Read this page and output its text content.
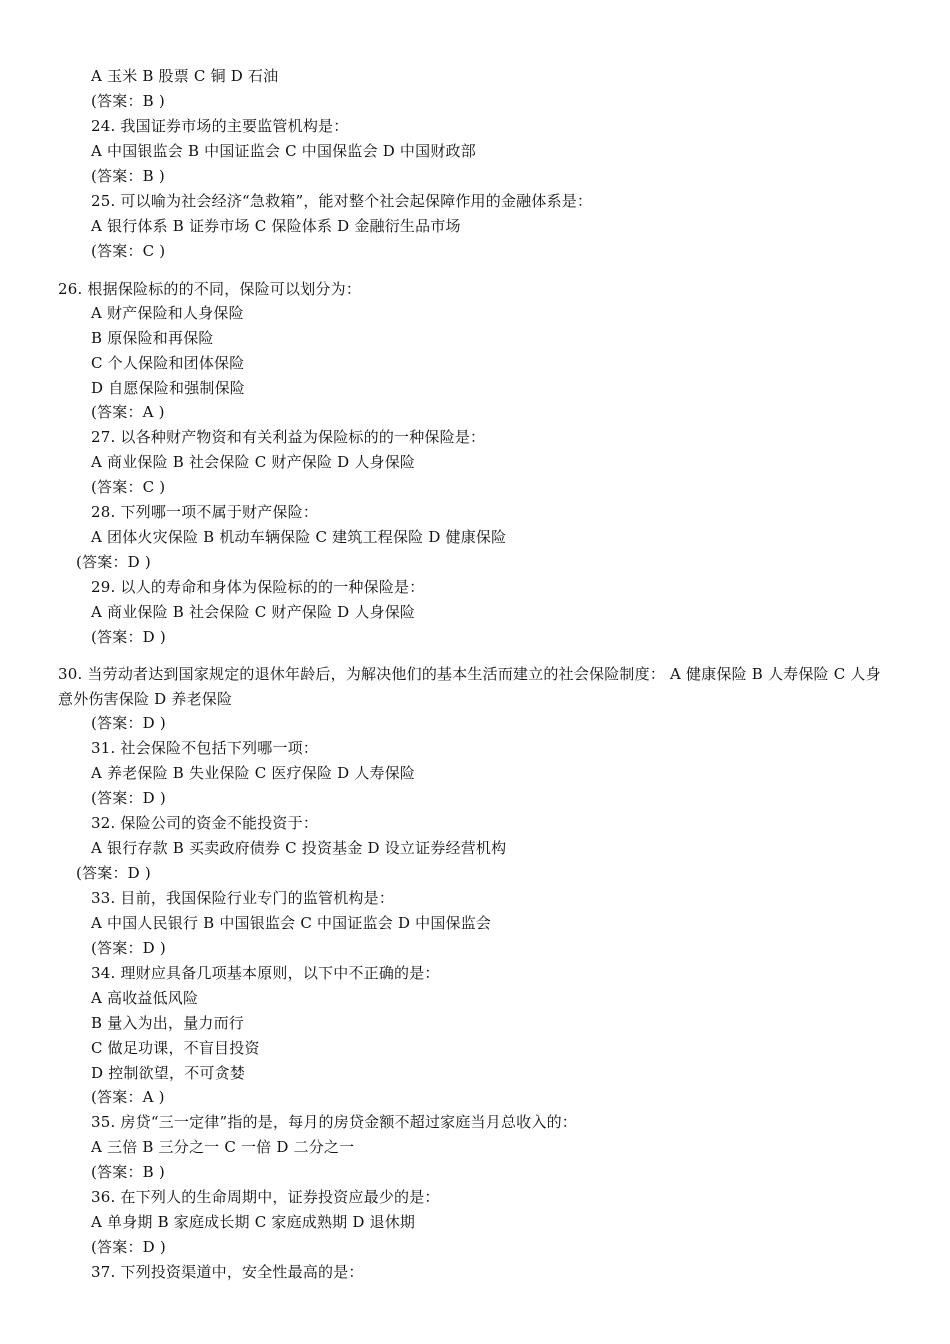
A 玉米 B 股票 C 铜 D 石油
(答案：B )
24. 我国证券市场的主要监管机构是：
A 中国银监会 B 中国证监会 C 中国保监会 D 中国财政部
(答案：B )
25. 可以喻为社会经济“急救箱”，能对整个社会起保障作用的金融体系是：
A 银行体系 B 证券市场 C 保险体系 D 金融衍生品市场
(答案：C )
26. 根据保险标的的不同，保险可以划分为：
A 财产保险和人身保险
B 原保险和再保险
C 个人保险和团体保险
D 自愿保险和强制保险
(答案：A )
27. 以各种财产物资和有关利益为保险标的的一种保险是：
A 商业保险 B 社会保险 C 财产保险 D 人身保险
(答案：C )
28. 下列哪一项不属于财产保险：
A 团体火灾保险 B 机动车辆保险 C 建筑工程保险 D 健康保险
(答案：D )
29. 以人的寿命和身体为保险标的的一种保险是：
A 商业保险 B 社会保险 C 财产保险 D 人身保险
(答案：D )
30. 当劳动者达到国家规定的退休年龄后，为解决他们的基本生活而建立的社会保险制度： A 健康保险 B 人寿保险 C 人身意外伤害保险 D 养老保险
(答案：D )
31. 社会保险不包括下列哪一项：
A 养老保险 B 失业保险 C 医疗保险 D 人寿保险
(答案：D )
32. 保险公司的资金不能投资于：
A 银行存款 B 买卖政府债券 C 投资基金 D 设立证券经营机构
(答案：D )
33. 目前，我国保险行业专门的监管机构是：
A 中国人民银行 B 中国银监会 C 中国证监会 D 中国保监会
(答案：D )
34. 理财应具备几项基本原则，以下中不正确的是：
A 高收益低风险
B 量入为出，量力而行
C 做足功课，不盲目投资
D 控制欲望，不可贪婪
(答案：A )
35. 房贷“三一定律”指的是，每月的房贷金额不超过家庭当月总收入的：
A 三倍 B 三分之一 C 一倍 D 二分之一
(答案：B )
36. 在下列人的生命周期中，证券投资应最少的是：
A 单身期 B 家庭成长期 C 家庭成熟期 D 退休期
(答案：D )
37. 下列投资渠道中，安全性最高的是：
